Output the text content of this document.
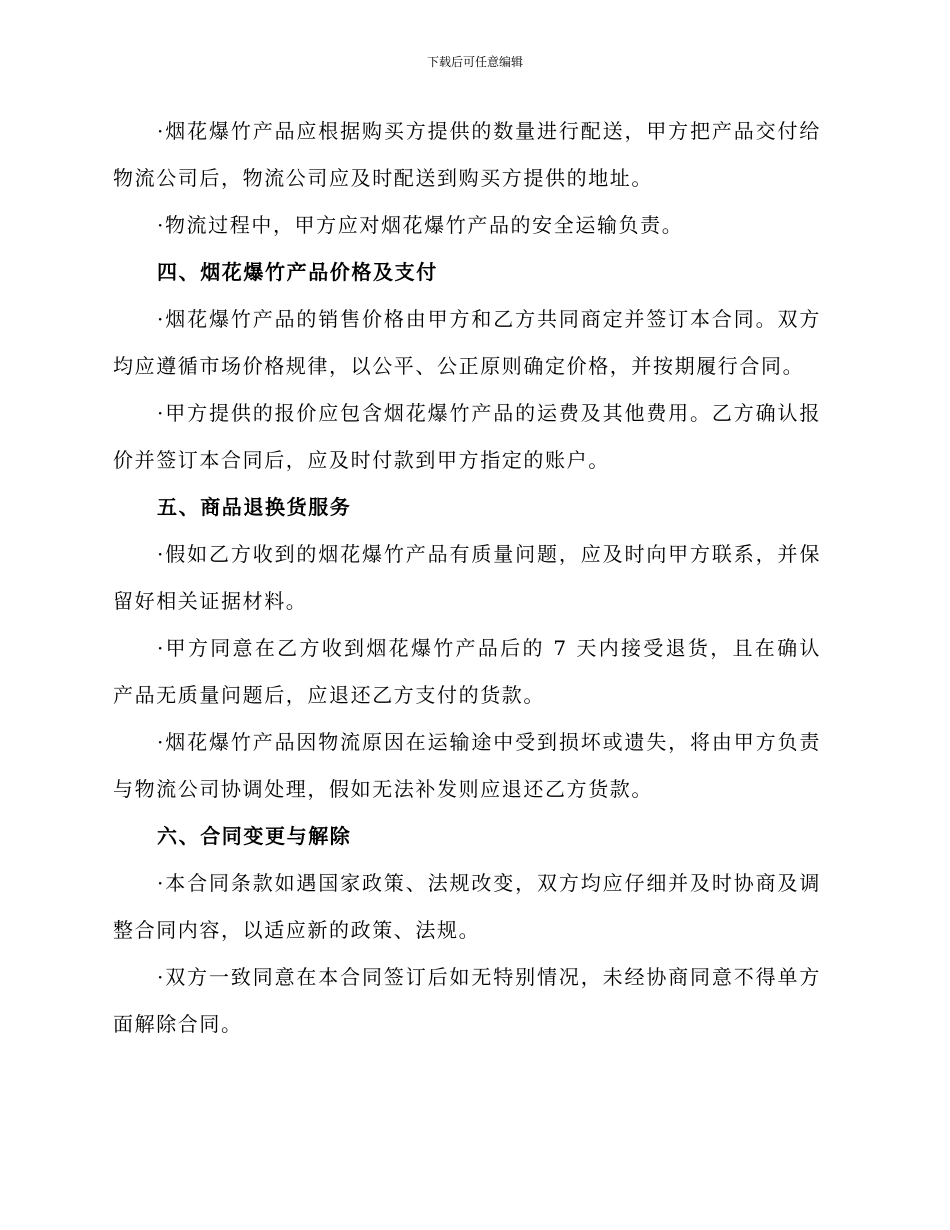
下载后可任意编辑

·烟花爆竹产品应根据购买方提供的数量进行配送，甲方把产品交付给物流公司后，物流公司应及时配送到购买方提供的地址。

·物流过程中，甲方应对烟花爆竹产品的安全运输负责。

四、烟花爆竹产品价格及支付

·烟花爆竹产品的销售价格由甲方和乙方共同商定并签订本合同。双方均应遵循市场价格规律，以公平、公正原则确定价格，并按期履行合同。

·甲方提供的报价应包含烟花爆竹产品的运费及其他费用。乙方确认报价并签订本合同后，应及时付款到甲方指定的账户。

五、商品退换货服务

·假如乙方收到的烟花爆竹产品有质量问题，应及时向甲方联系，并保留好相关证据材料。

·甲方同意在乙方收到烟花爆竹产品后的 7 天内接受退货，且在确认产品无质量问题后，应退还乙方支付的货款。

·烟花爆竹产品因物流原因在运输途中受到损坏或遗失，将由甲方负责与物流公司协调处理，假如无法补发则应退还乙方货款。

六、合同变更与解除

·本合同条款如遇国家政策、法规改变，双方均应仔细并及时协商及调整合同内容，以适应新的政策、法规。

·双方一致同意在本合同签订后如无特别情况，未经协商同意不得单方面解除合同。
